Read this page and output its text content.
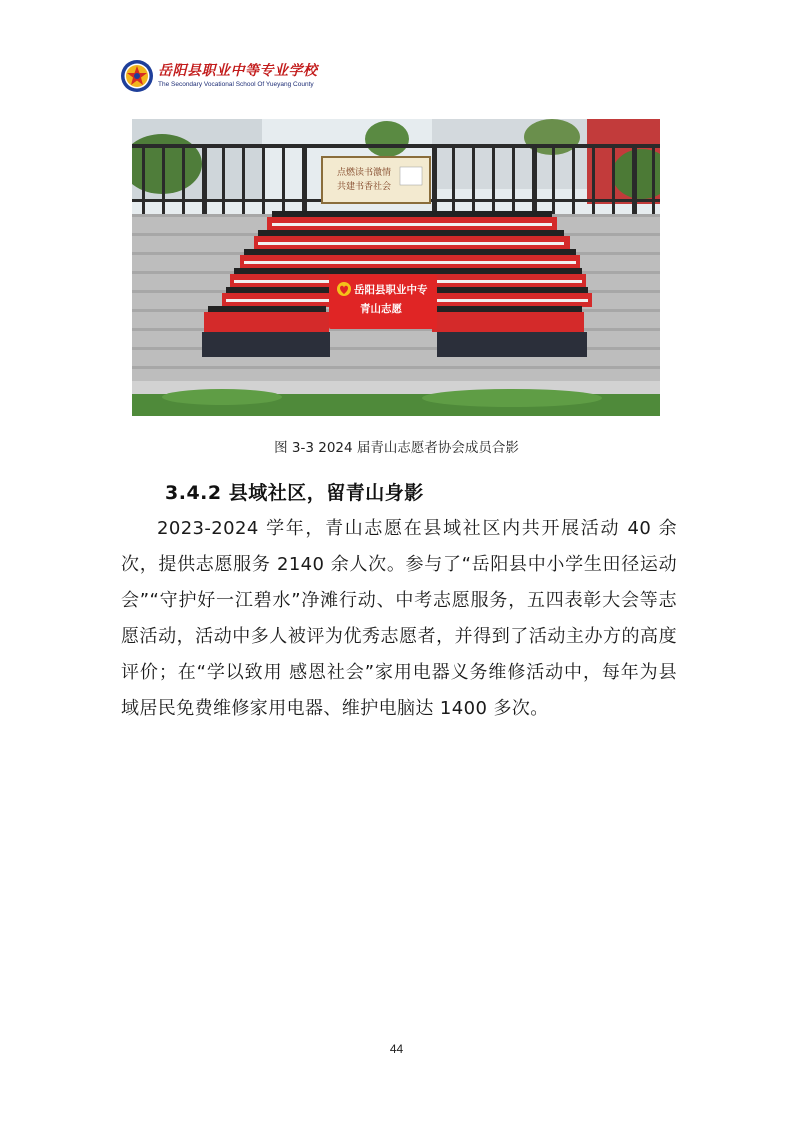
岳阳县职业中等专业学校
The Secondary Vocational School Of Yueyang County
点燃读书激情
共建书香社会
岳阳县职业中专
青山志愿
图 3-3 2024 届青山志愿者协会成员合影
3.4.2 县域社区，留青山身影
2023-2024 学年，青山志愿在县域社区内共开展活动 40 余次，提供志愿服务 2140 余人次。参与了“岳阳县中小学生田径运动会”“守护好一江碧水”净滩行动、中考志愿服务，五四表彰大会等志愿活动，活动中多人被评为优秀志愿者，并得到了活动主办方的高度评价；在“学以致用 感恩社会”家用电器义务维修活动中，每年为县域居民免费维修家用电器、维护电脑达 1400 多次。
44
